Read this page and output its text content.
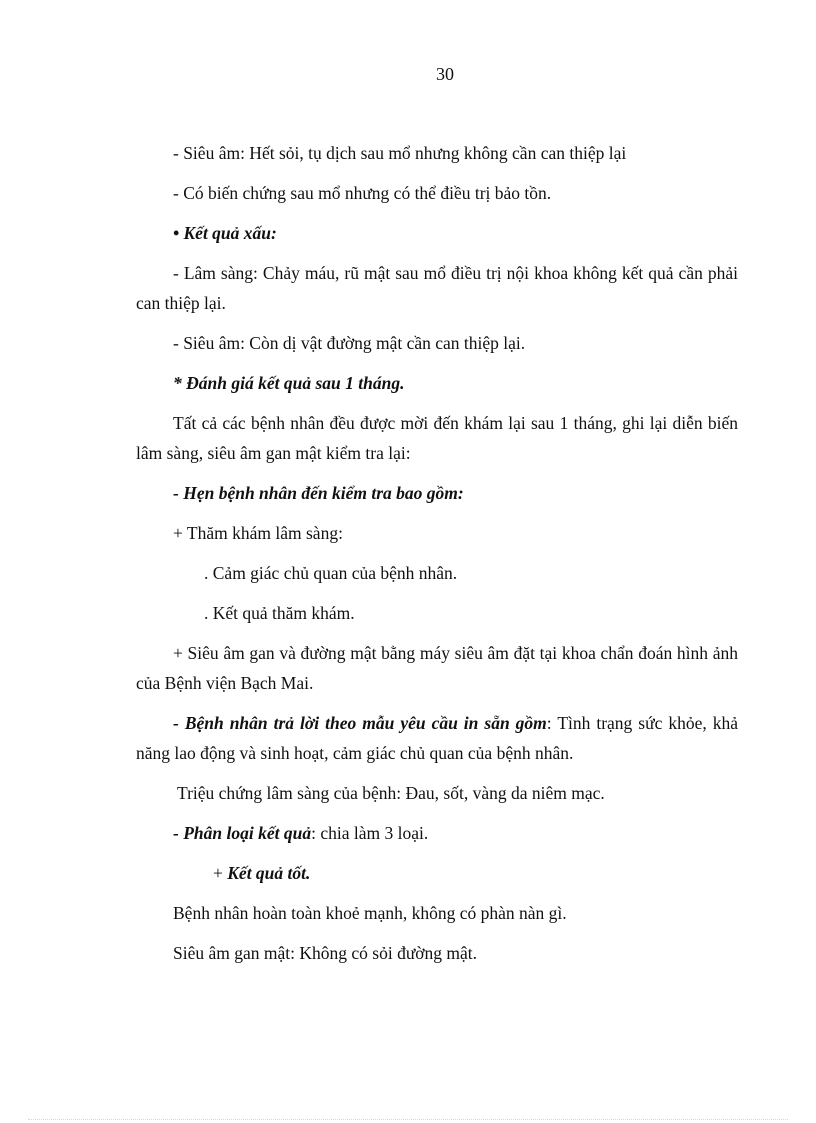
30

- Siêu âm: Hết sỏi, tụ dịch sau mổ nhưng không cần can thiệp lại

- Có biến chứng sau mổ nhưng có thể điều trị bảo tồn.

• Kết quả xấu:

- Lâm sàng: Chảy máu, rũ mật sau mổ điều trị nội khoa không kết quả cần phải can thiệp lại.

- Siêu âm: Còn dị vật đường mật cần can thiệp lại.

* Đánh giá kết quả sau 1 tháng.

Tất cả các bệnh nhân đều được mời đến khám lại sau 1 tháng, ghi lại diễn biến lâm sàng, siêu âm gan mật kiểm tra lại:

- Hẹn bệnh nhân đến kiểm tra bao gồm:

+ Thăm khám lâm sàng:

. Cảm giác chủ quan của bệnh nhân.

. Kết quả thăm khám.

+ Siêu âm gan và đường mật bằng máy siêu âm đặt tại khoa chẩn đoán hình ảnh của Bệnh viện Bạch Mai.

- Bệnh nhân trả lời theo mẫu yêu cầu in sẵn gồm: Tình trạng sức khỏe, khả năng lao động và sinh hoạt, cảm giác chủ quan của bệnh nhân.

Triệu chứng lâm sàng của bệnh: Đau, sốt, vàng da niêm mạc.

- Phân loại kết quả: chia làm 3 loại.

+ Kết quả tốt.

Bệnh nhân hoàn toàn khoẻ mạnh, không có phàn nàn gì.

Siêu âm gan mật: Không có sỏi đường mật.
